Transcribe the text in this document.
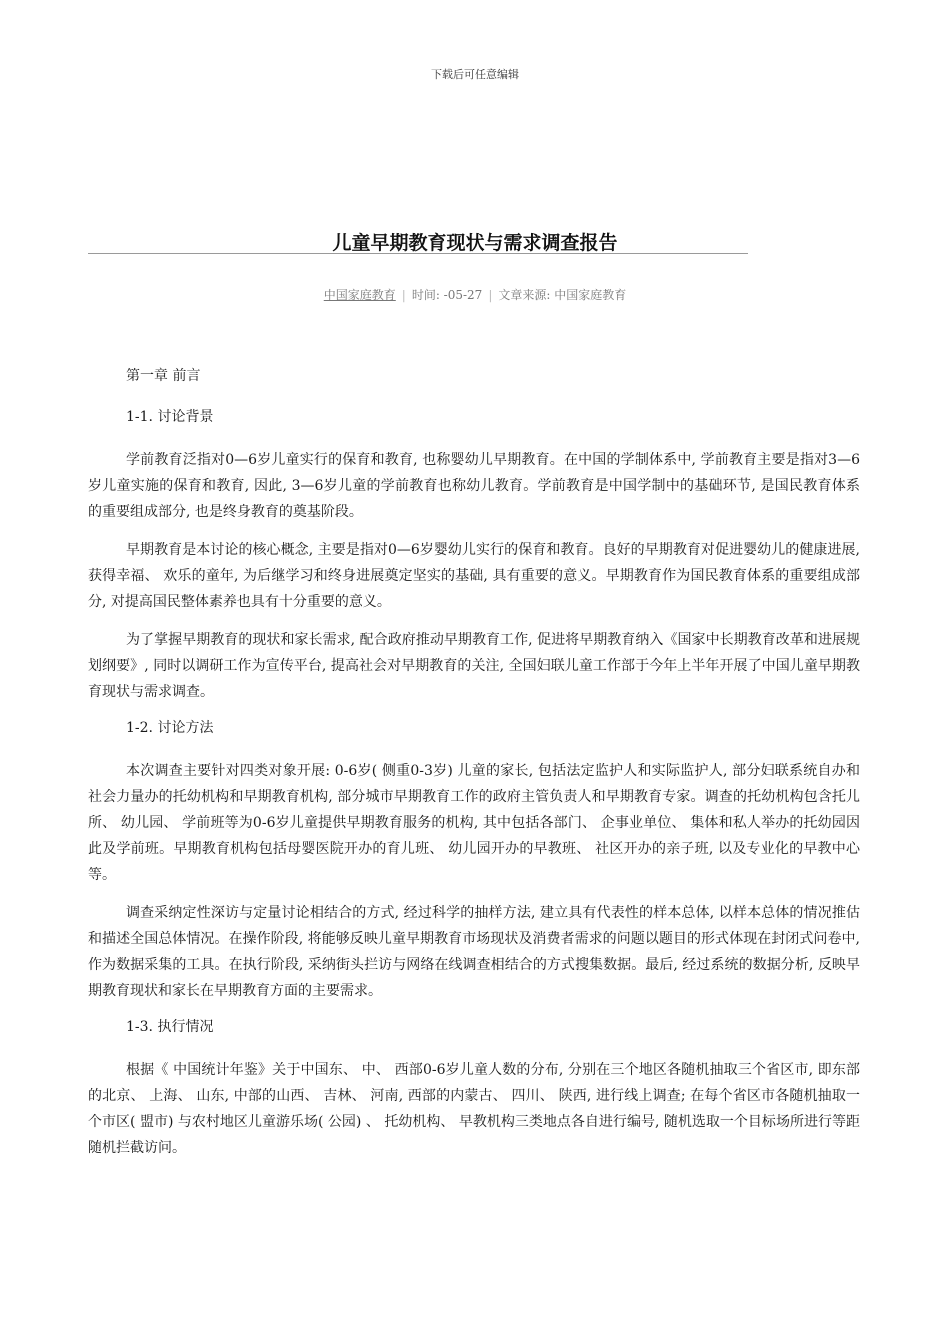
下载后可任意编辑
儿童早期教育现状与需求调查报告
中国家庭教育 | 时间: -05-27 | 文章来源: 中国家庭教育
第一章 前言
1-1. 讨论背景

学前教育泛指对0—6岁儿童实行的保育和教育, 也称婴幼儿早期教育。在中国的学制体系中, 学前教育主要是指对3—6岁儿童实施的保育和教育, 因此, 3—6岁儿童的学前教育也称幼儿教育。学前教育是中国学制中的基础环节, 是国民教育体系的重要组成部分, 也是终身教育的奠基阶段。

早期教育是本讨论的核心概念, 主要是指对0—6岁婴幼儿实行的保育和教育。良好的早期教育对促进婴幼儿的健康进展, 获得幸福、 欢乐的童年, 为后继学习和终身进展奠定坚实的基础, 具有重要的意义。早期教育作为国民教育体系的重要组成部分, 对提高国民整体素养也具有十分重要的意义。

为了掌握早期教育的现状和家长需求, 配合政府推动早期教育工作, 促进将早期教育纳入《国家中长期教育改革和进展规划纲要》, 同时以调研工作为宣传平台, 提高社会对早期教育的关注, 全国妇联儿童工作部于今年上半年开展了中国儿童早期教育现状与需求调查。

1-2. 讨论方法

本次调查主要针对四类对象开展: 0-6岁( 侧重0-3岁) 儿童的家长, 包括法定监护人和实际监护人, 部分妇联系统自办和社会力量办的托幼机构和早期教育机构, 部分城市早期教育工作的政府主管负责人和早期教育专家。调查的托幼机构包含托儿所、 幼儿园、 学前班等为0-6岁儿童提供早期教育服务的机构, 其中包括各部门、 企事业单位、 集体和私人举办的托幼园因此及学前班。早期教育机构包括母婴医院开办的育儿班、 幼儿园开办的早教班、 社区开办的亲子班, 以及专业化的早教中心等。

调查采纳定性深访与定量讨论相结合的方式, 经过科学的抽样方法, 建立具有代表性的样本总体, 以样本总体的情况推估和描述全国总体情况。在操作阶段, 将能够反映儿童早期教育市场现状及消费者需求的问题以题目的形式体现在封闭式问卷中, 作为数据采集的工具。在执行阶段, 采纳街头拦访与网络在线调查相结合的方式搜集数据。最后, 经过系统的数据分析, 反映早期教育现状和家长在早期教育方面的主要需求。

1-3. 执行情况

根据《 中国统计年鉴》关于中国东、 中、 西部0-6岁儿童人数的分布, 分别在三个地区各随机抽取三个省区市, 即东部的北京、 上海、 山东, 中部的山西、 吉林、 河南, 西部的内蒙古、 四川、 陕西, 进行线上调查; 在每个省区市各随机抽取一个市区( 盟市) 与农村地区儿童游乐场( 公园) 、 托幼机构、 早教机构三类地点各自进行编号, 随机选取一个目标场所进行等距随机拦截访问。
